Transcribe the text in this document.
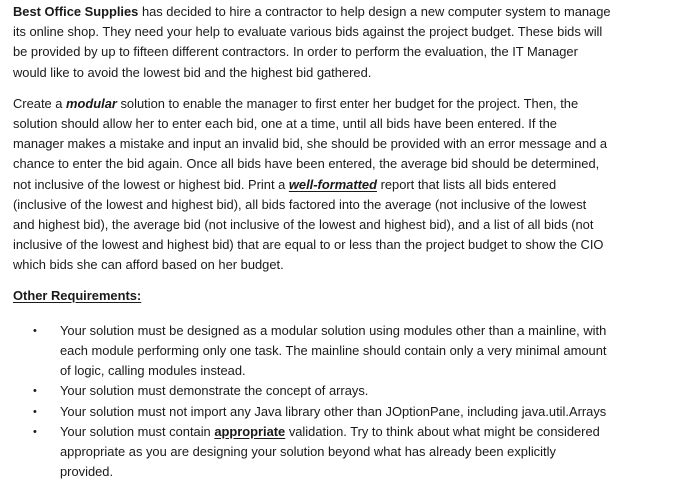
Best Office Supplies has decided to hire a contractor to help design a new computer system to manage

its online shop. They need your help to evaluate various bids against the project budget. These bids will

be provided by up to fifteen different contractors. In order to perform the evaluation, the IT Manager

would like to avoid the lowest bid and the highest bid gathered.

Create a modular solution to enable the manager to first enter her budget for the project. Then, the

solution should allow her to enter each bid, one at a time, until all bids have been entered. If the

manager makes a mistake and input an invalid bid, she should be provided with an error message and a

chance to enter the bid again. Once all bids have been entered, the average bid should be determined,

not inclusive of the lowest or highest bid. Print a well-formatted report that lists all bids entered

(inclusive of the lowest and highest bid), all bids factored into the average (not inclusive of the lowest

and highest bid), the average bid (not inclusive of the lowest and highest bid), and a list of all bids (not

inclusive of the lowest and highest bid) that are equal to or less than the project budget to show the CIO

which bids she can afford based on her budget.

Other Requirements:

• Your solution must be designed as a modular solution using modules other than a mainline, with
each module performing only one task. The mainline should contain only a very minimal amount
of logic, calling modules instead.
• Your solution must demonstrate the concept of arrays.
• Your solution must not import any Java library other than JOptionPane, including java.util.Arrays
• Your solution must contain appropriate validation. Try to think about what might be considered
appropriate as you are designing your solution beyond what has already been explicitly
provided.
